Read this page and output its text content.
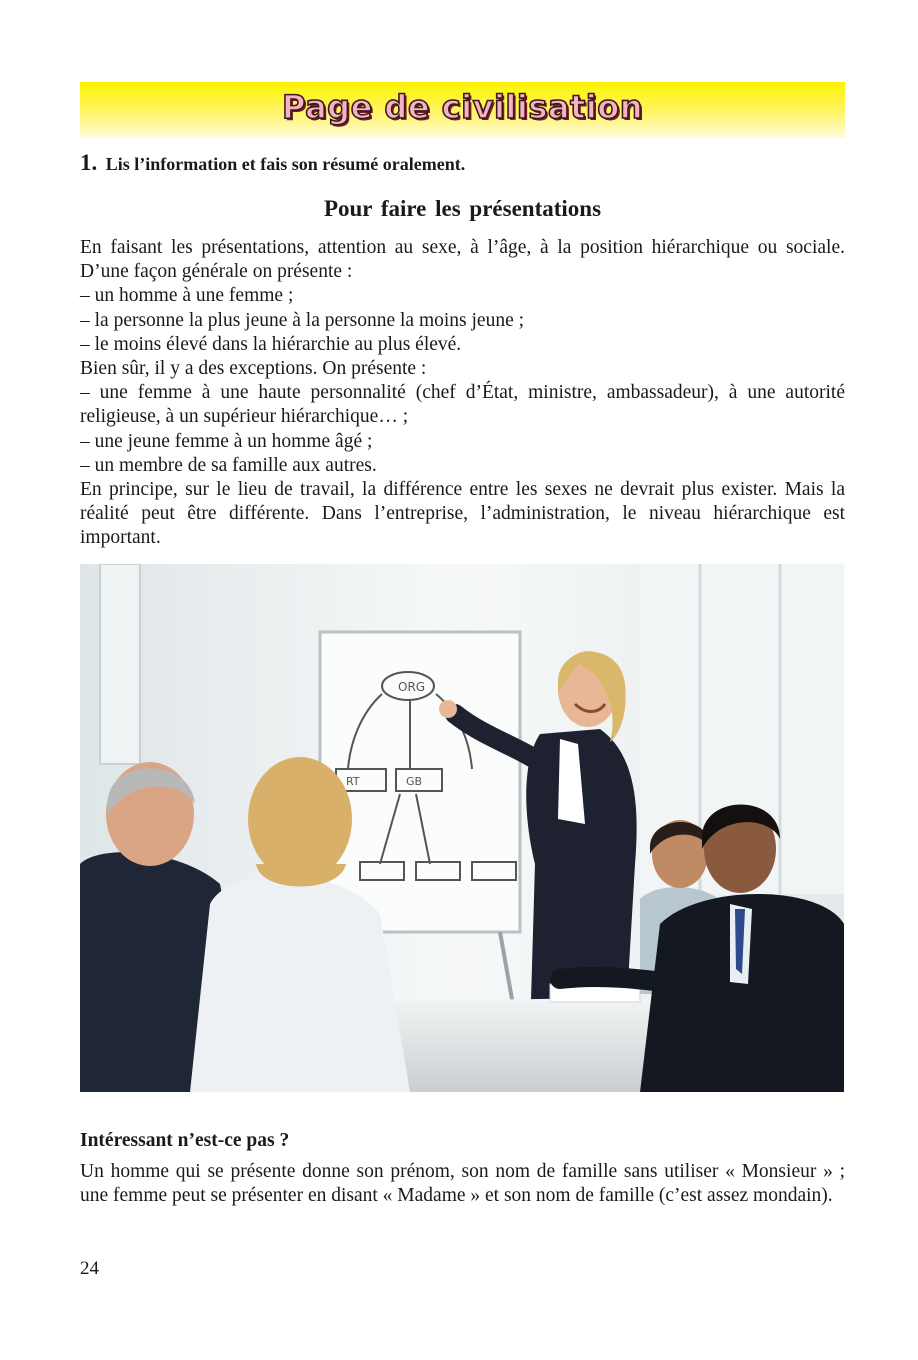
Page de civilisation
1. Lis l’information et fais son résumé oralement.
Pour faire les présentations

En faisant les présentations, attention au sexe, à l’âge, à la position hiérarchique ou sociale. D’une façon générale on présente :

– un homme à une femme ;

– la personne la plus jeune à la personne la moins jeune ;

– le moins élevé dans la hiérarchie au plus élevé.

Bien sûr, il y a des exceptions. On présente :

– une femme à une haute personnalité (chef d’État, ministre, ambassadeur), à une autorité religieuse, à un supérieur hiérarchique… ;

– une jeune femme à un homme âgé ;

– un membre de sa famille aux autres.

En principe, sur le lieu de travail, la différence entre les sexes ne devrait plus exister. Mais la réalité peut être différente. Dans l’entreprise, l’administration, le niveau hiérarchique est important.

ORG
RT	GB
Intéressant n’est-ce pas ?

Un homme qui se présente donne son prénom, son nom de famille sans utiliser « Monsieur » ; une femme peut se présenter en disant « Madame » et son nom de famille (c’est assez mondain).

24
